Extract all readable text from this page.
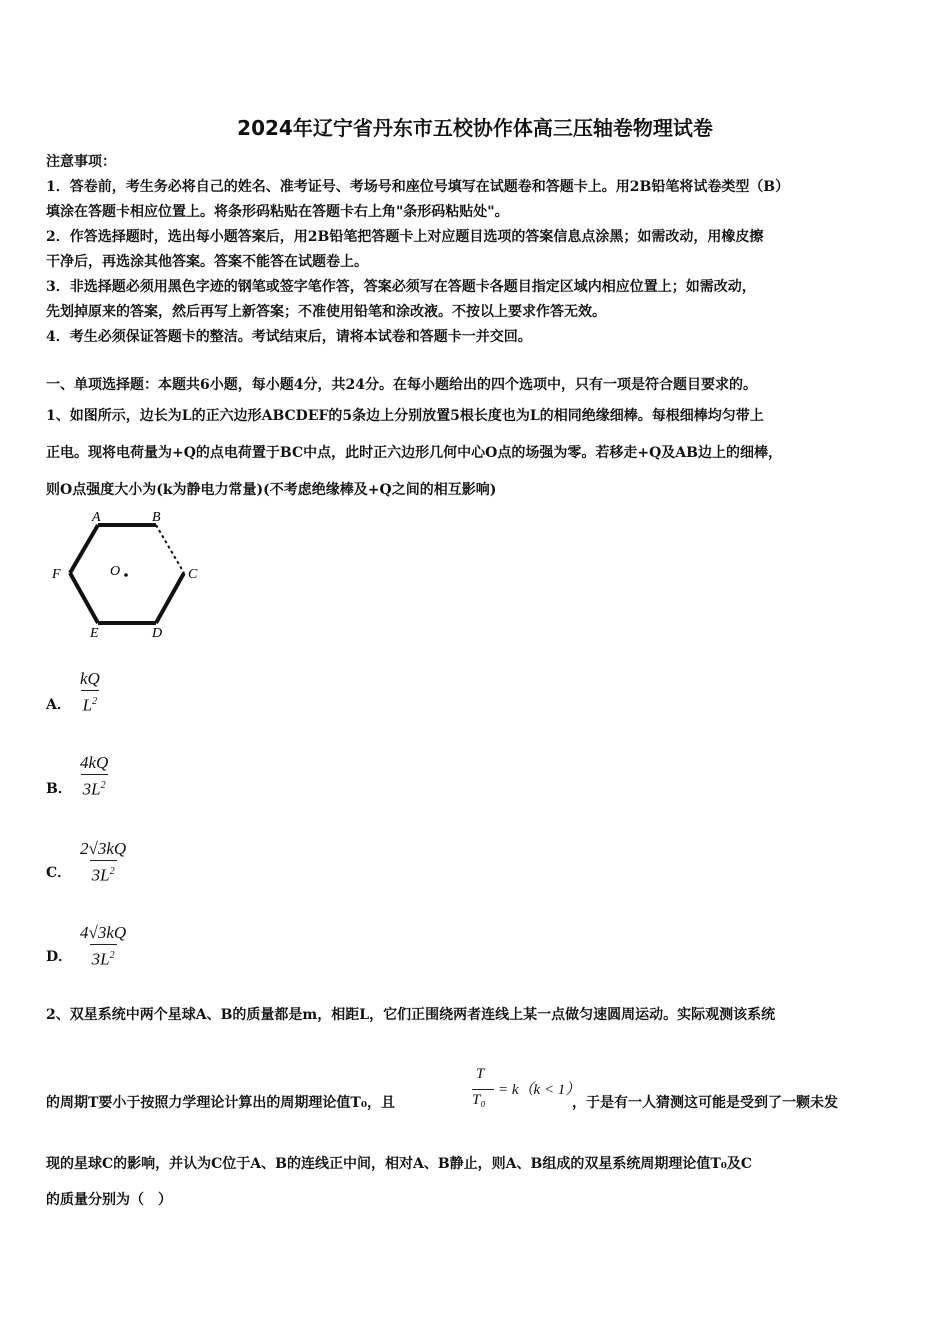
2024年辽宁省丹东市五校协作体高三压轴卷物理试卷
注意事项：
1．答卷前，考生务必将自己的姓名、准考证号、考场号和座位号填写在试题卷和答题卡上。用2B铅笔将试卷类型（B）
填涂在答题卡相应位置上。将条形码粘贴在答题卡右上角"条形码粘贴处"。
2．作答选择题时，选出每小题答案后，用2B铅笔把答题卡上对应题目选项的答案信息点涂黑；如需改动，用橡皮擦
干净后，再选涂其他答案。答案不能答在试题卷上。
3．非选择题必须用黑色字迹的钢笔或签字笔作答，答案必须写在答题卡各题目指定区域内相应位置上；如需改动，
先划掉原来的答案，然后再写上新答案；不准使用铅笔和涂改液。不按以上要求作答无效。
4．考生必须保证答题卡的整洁。考试结束后，请将本试卷和答题卡一并交回。
一、单项选择题：本题共6小题，每小题4分，共24分。在每小题给出的四个选项中，只有一项是符合题目要求的。
1、如图所示，边长为L的正六边形ABCDEF的5条边上分别放置5根长度也为L的相同绝缘细棒。每根细棒均匀带上
正电。现将电荷量为+Q的点电荷置于BC中点，此时正六边形几何中心O点的场强为零。若移走+Q及AB边上的细棒，
则O点强度大小为(k为静电力常量)(不考虑绝缘棒及+Q之间的相互影响)
A	B
C
D
E
F	O
A． $\frac{kQ}{L^2}$
B． $\frac{4kQ}{3L^2}$
C． $\frac{2√3kQ}{3L^2}$
D． $\frac{4√3kQ}{3L^2}$
2、双星系统中两个星球A、B的质量都是m，相距L，它们正围绕两者连线上某一点做匀速圆周运动。实际观测该系统
的周期T要小于按照力学理论计算出的周期理论值T₀，且
T
T₀
= k（k < 1）
，于是有一人猜测这可能是受到了一颗未发
现的星球C的影响，并认为C位于A、B的连线正中间，相对A、B静止，则A、B组成的双星系统周期理论值T₀及C
的质量分别为（　）
